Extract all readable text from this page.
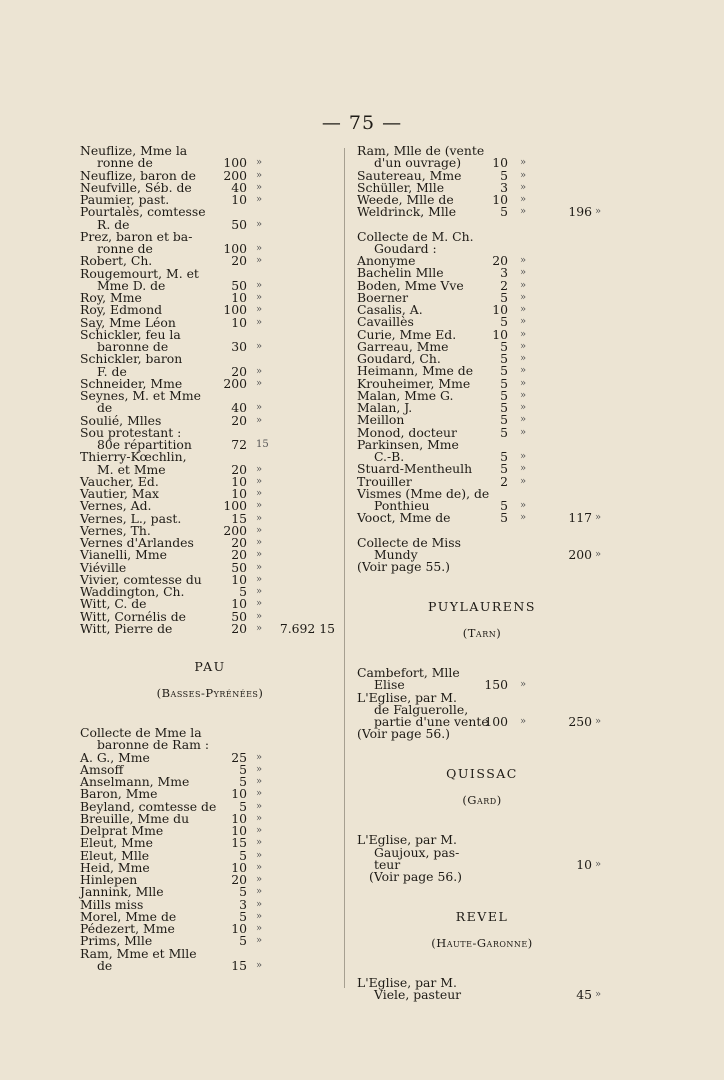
— 75 —
Neuflize, Mme la
ronne de	100 »
Neuflize, baron de	200 »
Neufville, Séb. de	40 »
Paumier, past.	10 »
Pourtalès, comtesse
R. de	50 »
Prez, baron et ba-
ronne de	100 »
Robert, Ch.	20 »
Rougemourt, M. et
Mme D. de	50 »
Roy, Mme	10 »
Roy, Edmond	100 »
Say, Mme Léon	10 »
Schickler, feu la
baronne de	30 »
Schickler, baron
F. de	20 »
Schneider, Mme	200 »
Seynes, M. et Mme
de	40 »
Soulié, Mlles	20 »
Sou protestant :
80e répartition	72 15
Thierry-Kœchlin,
M. et Mme	20 »
Vaucher, Ed.	10 »
Vautier, Max	10 »
Vernes, Ad.	100 »
Vernes, L., past.	15 »
Vernes, Th.	200 »
Vernes d'Arlandes	20 »
Vianelli, Mme	20 »
Viéville	50 »
Vivier, comtesse du	10 »
Waddington, Ch.	5 »
Witt, C. de	10 »
Witt, Cornélis de	50 »
Witt, Pierre de	20 »	7.692 15
PAU
(Basses-Pyrénées)
Collecte de Mme la
baronne de Ram :
A. G., Mme	25 »
Amsoff	5 »
Anselmann, Mme	5 »
Baron, Mme	10 »
Beyland, comtesse de	5 »
Breuille, Mme du	10 »
Delprat Mme	10 »
Eleut, Mme	15 »
Eleut, Mlle	5 »
Heid, Mme	10 »
Hinlepen	20 »
Jannink, Mlle	5 »
Mills miss	3 »
Morel, Mme de	5 »
Pédezert, Mme	10 »
Prims, Mlle	5 »
Ram, Mme et Mlle
de	15 »
Ram, Mlle de (vente
d'un ouvrage)	10 »
Sautereau, Mme	5 »
Schüller, Mlle	3 »
Weede, Mlle de	10 »
Weldrinck, Mlle	5 »	196 »
Collecte de M. Ch.
Goudard :
Anonyme	20 »
Bachelin Mlle	3 »
Boden, Mme Vve	2 »
Boerner	5 »
Casalis, A.	10 »
Cavaillès	5 »
Curie, Mme Ed.	10 »
Garreau, Mme	5 »
Goudard, Ch.	5 »
Heimann, Mme de	5 »
Krouheimer, Mme	5 »
Malan, Mme G.	5 »
Malan, J.	5 »
Meillon	5 »
Monod, docteur	5 »
Parkinsen, Mme
C.-B.	5 »
Stuard-Mentheulh	5 »
Trouiller	2 »
Vismes (Mme de), de
Ponthieu	5 »
Vooct, Mme de	5 »	117 »
Collecte de Miss
Mundy	200 »
(Voir page 55.)
PUYLAURENS
(Tarn)
Cambefort, Mlle
Elise	150 »
L'Eglise, par M.
de Falguerolle,
partie d'une vente
100 »	250 »
(Voir page 56.)
QUISSAC
(Gard)
L'Eglise, par M.
Gaujoux, pas-
teur	10 »
(Voir page 56.)
REVEL
(Haute-Garonne)
L'Eglise, par M.
Viele, pasteur	45 »
